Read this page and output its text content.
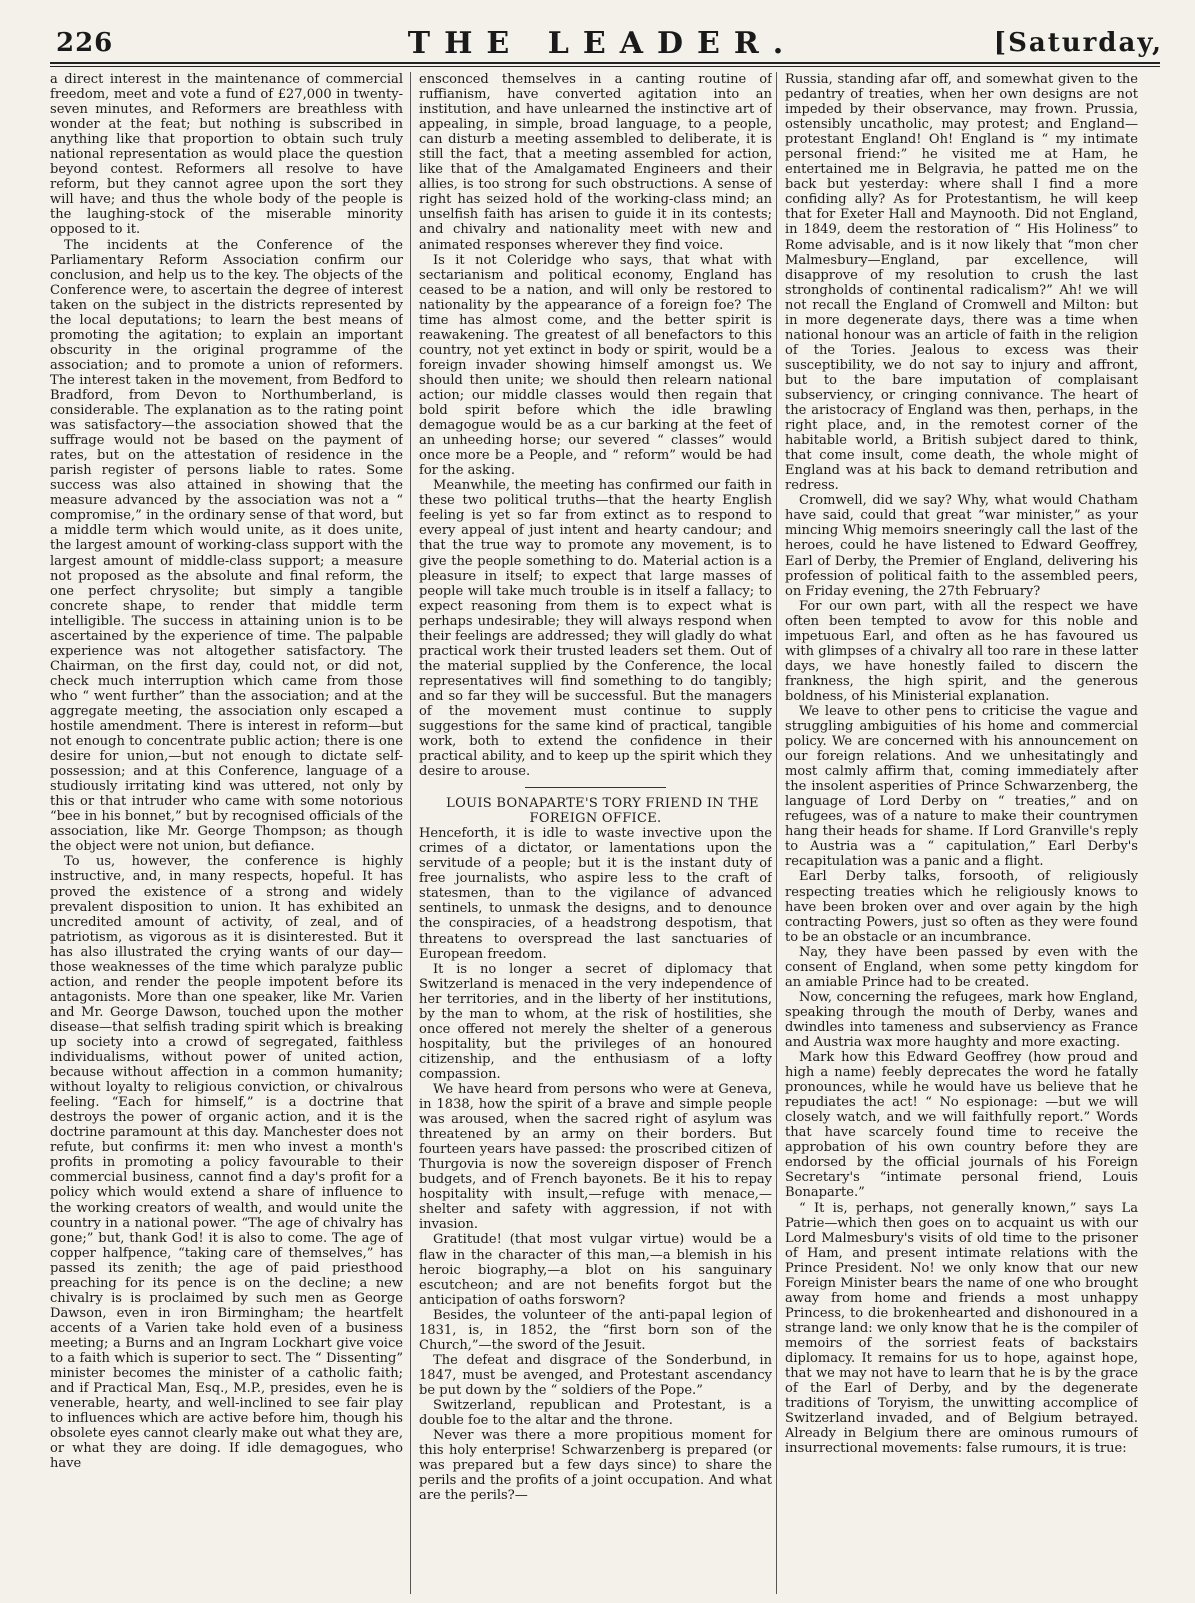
226	THE LEADER.	[Saturday,

a direct interest in the maintenance of commercial freedom, meet and vote a fund of £27,000 in twenty-seven minutes, and Reformers are breathless with wonder at the feat; but nothing is subscribed in anything like that proportion to obtain such truly national representation as would place the question beyond contest. Reformers all resolve to have reform, but they cannot agree upon the sort they will have; and thus the whole body of the people is the laughing-stock of the miserable minority opposed to it.

The incidents at the Conference of the Parliamentary Reform Association confirm our conclusion, and help us to the key. The objects of the Conference were, to ascertain the degree of interest taken on the subject in the districts represented by the local deputations; to learn the best means of promoting the agitation; to explain an important obscurity in the original programme of the association; and to promote a union of reformers. The interest taken in the movement, from Bedford to Bradford, from Devon to Northumberland, is considerable. The explanation as to the rating point was satisfactory—the association showed that the suffrage would not be based on the payment of rates, but on the attestation of residence in the parish register of persons liable to rates. Some success was also attained in showing that the measure advanced by the association was not a “ compromise,” in the ordinary sense of that word, but a middle term which would unite, as it does unite, the largest amount of working-class support with the largest amount of middle-class support; a measure not proposed as the absolute and final reform, the one perfect chrysolite; but simply a tangible concrete shape, to render that middle term intelligible. The success in attaining union is to be ascertained by the experience of time. The palpable experience was not altogether satisfactory. The Chairman, on the first day, could not, or did not, check much interruption which came from those who “ went further” than the association; and at the aggregate meeting, the association only escaped a hostile amendment. There is interest in reform—but not enough to concentrate public action; there is one desire for union,—but not enough to dictate self-possession; and at this Conference, language of a studiously irritating kind was uttered, not only by this or that intruder who came with some notorious “bee in his bonnet,” but by recognised officials of the association, like Mr. George Thompson; as though the object were not union, but defiance.

To us, however, the conference is highly instructive, and, in many respects, hopeful. It has proved the existence of a strong and widely prevalent disposition to union. It has exhibited an uncredited amount of activity, of zeal, and of patriotism, as vigorous as it is disinterested. But it has also illustrated the crying wants of our day—those weaknesses of the time which paralyze public action, and render the people impotent before its antagonists. More than one speaker, like Mr. Varien and Mr. George Dawson, touched upon the mother disease—that selfish trading spirit which is breaking up society into a crowd of segregated, faithless individualisms, without power of united action, because without affection in a common humanity; without loyalty to religious conviction, or chivalrous feeling. “Each for himself,” is a doctrine that destroys the power of organic action, and it is the doctrine paramount at this day. Manchester does not refute, but confirms it: men who invest a month's profits in promoting a policy favourable to their commercial business, cannot find a day's profit for a policy which would extend a share of influence to the working creators of wealth, and would unite the country in a national power. “The age of chivalry has gone;” but, thank God! it is also to come. The age of copper halfpence, “taking care of themselves,” has passed its zenith; the age of paid priesthood preaching for its pence is on the decline; a new chivalry is is proclaimed by such men as George Dawson, even in iron Birmingham; the heartfelt accents of a Varien take hold even of a business meeting; a Burns and an Ingram Lockhart give voice to a faith which is superior to sect. The “ Dissenting” minister becomes the minister of a catholic faith; and if Practical Man, Esq., M.P., presides, even he is venerable, hearty, and well-inclined to see fair play to influences which are active before him, though his obsolete eyes cannot clearly make out what they are, or what they are doing. If idle demagogues, who have

ensconced themselves in a canting routine of ruffianism, have converted agitation into an institution, and have unlearned the instinctive art of appealing, in simple, broad language, to a people, can disturb a meeting assembled to deliberate, it is still the fact, that a meeting assembled for action, like that of the Amalgamated Engineers and their allies, is too strong for such obstructions. A sense of right has seized hold of the working-class mind; an unselfish faith has arisen to guide it in its contests; and chivalry and nationality meet with new and animated responses wherever they find voice.

Is it not Coleridge who says, that what with sectarianism and political economy, England has ceased to be a nation, and will only be restored to nationality by the appearance of a foreign foe? The time has almost come, and the better spirit is reawakening. The greatest of all benefactors to this country, not yet extinct in body or spirit, would be a foreign invader showing himself amongst us. We should then unite; we should then relearn national action; our middle classes would then regain that bold spirit before which the idle brawling demagogue would be as a cur barking at the feet of an unheeding horse; our severed “ classes” would once more be a People, and “ reform” would be had for the asking.

Meanwhile, the meeting has confirmed our faith in these two political truths—that the hearty English feeling is yet so far from extinct as to respond to every appeal of just intent and hearty candour; and that the true way to promote any movement, is to give the people something to do. Material action is a pleasure in itself; to expect that large masses of people will take much trouble is in itself a fallacy; to expect reasoning from them is to expect what is perhaps undesirable; they will always respond when their feelings are addressed; they will gladly do what practical work their trusted leaders set them. Out of the material supplied by the Conference, the local representatives will find something to do tangibly; and so far they will be successful. But the managers of the movement must continue to supply suggestions for the same kind of practical, tangible work, both to extend the confidence in their practical ability, and to keep up the spirit which they desire to arouse.

LOUIS BONAPARTE'S TORY FRIEND IN THE FOREIGN OFFICE.

Henceforth, it is idle to waste invective upon the crimes of a dictator, or lamentations upon the servitude of a people; but it is the instant duty of free journalists, who aspire less to the craft of statesmen, than to the vigilance of advanced sentinels, to unmask the designs, and to denounce the conspiracies, of a headstrong despotism, that threatens to overspread the last sanctuaries of European freedom.

It is no longer a secret of diplomacy that Switzerland is menaced in the very independence of her territories, and in the liberty of her institutions, by the man to whom, at the risk of hostilities, she once offered not merely the shelter of a generous hospitality, but the privileges of an honoured citizenship, and the enthusiasm of a lofty compassion.

We have heard from persons who were at Geneva, in 1838, how the spirit of a brave and simple people was aroused, when the sacred right of asylum was threatened by an army on their borders. But fourteen years have passed: the proscribed citizen of Thurgovia is now the sovereign disposer of French budgets, and of French bayonets. Be it his to repay hospitality with insult,—refuge with menace,—shelter and safety with aggression, if not with invasion.

Gratitude! (that most vulgar virtue) would be a flaw in the character of this man,—a blemish in his heroic biography,—a blot on his sanguinary escutcheon; and are not benefits forgot but the anticipation of oaths forsworn?

Besides, the volunteer of the anti-papal legion of 1831, is, in 1852, the “first born son of the Church,”—the sword of the Jesuit.

The defeat and disgrace of the Sonderbund, in 1847, must be avenged, and Protestant ascendancy be put down by the “ soldiers of the Pope.”

Switzerland, republican and Protestant, is a double foe to the altar and the throne.

Never was there a more propitious moment for this holy enterprise! Schwarzenberg is prepared (or was prepared but a few days since) to share the perils and the profits of a joint occupation. And what are the perils?—

Russia, standing afar off, and somewhat given to the pedantry of treaties, when her own designs are not impeded by their observance, may frown. Prussia, ostensibly uncatholic, may protest; and England—protestant England! Oh! England is “ my intimate personal friend:” he visited me at Ham, he entertained me in Belgravia, he patted me on the back but yesterday: where shall I find a more confiding ally? As for Protestantism, he will keep that for Exeter Hall and Maynooth. Did not England, in 1849, deem the restoration of “ His Holiness” to Rome advisable, and is it now likely that “mon cher Malmesbury—England, par excellence, will disapprove of my resolution to crush the last strongholds of continental radicalism?” Ah! we will not recall the England of Cromwell and Milton: but in more degenerate days, there was a time when national honour was an article of faith in the religion of the Tories. Jealous to excess was their susceptibility, we do not say to injury and affront, but to the bare imputation of complaisant subserviency, or cringing connivance. The heart of the aristocracy of England was then, perhaps, in the right place, and, in the remotest corner of the habitable world, a British subject dared to think, that come insult, come death, the whole might of England was at his back to demand retribution and redress.

Cromwell, did we say? Why, what would Chatham have said, could that great “war minister,” as your mincing Whig memoirs sneeringly call the last of the heroes, could he have listened to Edward Geoffrey, Earl of Derby, the Premier of England, delivering his profession of political faith to the assembled peers, on Friday evening, the 27th February?

For our own part, with all the respect we have often been tempted to avow for this noble and impetuous Earl, and often as he has favoured us with glimpses of a chivalry all too rare in these latter days, we have honestly failed to discern the frankness, the high spirit, and the generous boldness, of his Ministerial explanation.

We leave to other pens to criticise the vague and struggling ambiguities of his home and commercial policy. We are concerned with his announcement on our foreign relations. And we unhesitatingly and most calmly affirm that, coming immediately after the insolent asperities of Prince Schwarzenberg, the language of Lord Derby on “ treaties,” and on refugees, was of a nature to make their countrymen hang their heads for shame. If Lord Granville's reply to Austria was a “ capitulation,” Earl Derby's recapitulation was a panic and a flight.

Earl Derby talks, forsooth, of religiously respecting treaties which he religiously knows to have been broken over and over again by the high contracting Powers, just so often as they were found to be an obstacle or an incumbrance.

Nay, they have been passed by even with the consent of England, when some petty kingdom for an amiable Prince had to be created.

Now, concerning the refugees, mark how England, speaking through the mouth of Derby, wanes and dwindles into tameness and subserviency as France and Austria wax more haughty and more exacting.

Mark how this Edward Geoffrey (how proud and high a name) feebly deprecates the word he fatally pronounces, while he would have us believe that he repudiates the act! “ No espionage: —but we will closely watch, and we will faithfully report.” Words that have scarcely found time to receive the approbation of his own country before they are endorsed by the official journals of his Foreign Secretary's “intimate personal friend, Louis Bonaparte.”

“ It is, perhaps, not generally known,” says La Patrie—which then goes on to acquaint us with our Lord Malmesbury's visits of old time to the prisoner of Ham, and present intimate relations with the Prince President. No! we only know that our new Foreign Minister bears the name of one who brought away from home and friends a most unhappy Princess, to die brokenhearted and dishonoured in a strange land: we only know that he is the compiler of memoirs of the sorriest feats of backstairs diplomacy. It remains for us to hope, against hope, that we may not have to learn that he is by the grace of the Earl of Derby, and by the degenerate traditions of Toryism, the unwitting accomplice of Switzerland invaded, and of Belgium betrayed. Already in Belgium there are ominous rumours of insurrectional movements: false rumours, it is true:
